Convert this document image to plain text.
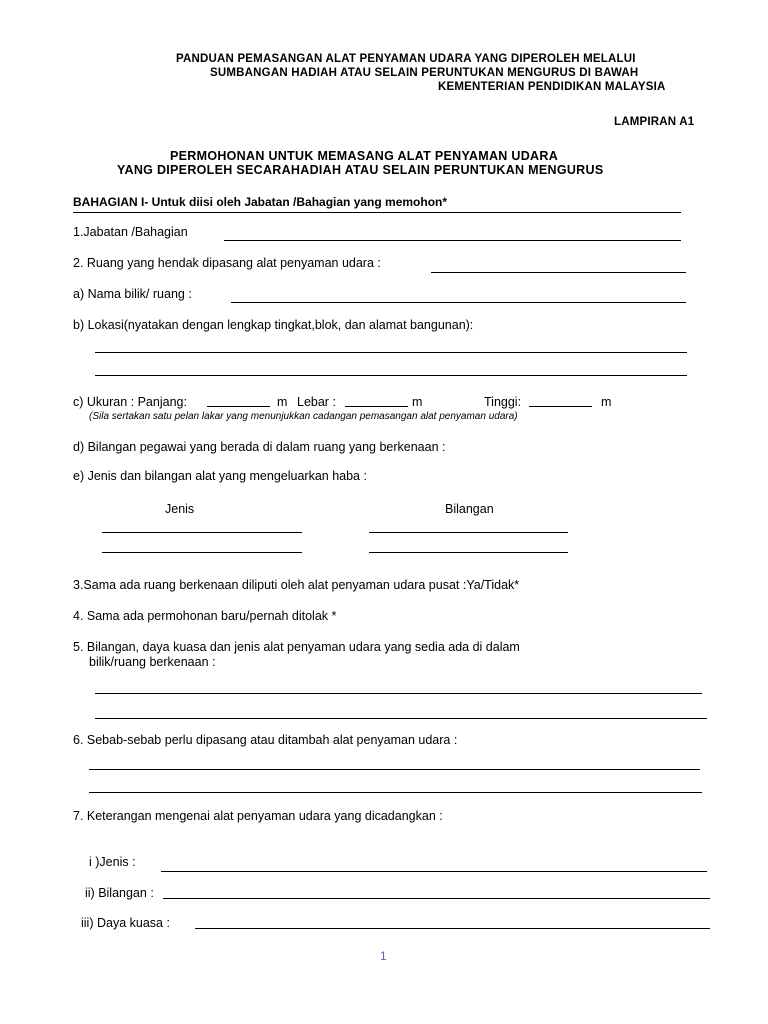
PANDUAN PEMASANGAN ALAT PENYAMAN UDARA YANG DIPEROLEH MELALUI
SUMBANGAN HADIAH ATAU SELAIN PERUNTUKAN MENGURUS DI BAWAH
KEMENTERIAN PENDIDIKAN MALAYSIA
LAMPIRAN A1
PERMOHONAN UNTUK MEMASANG ALAT PENYAMAN UDARA
YANG DIPEROLEH SECARAHADIAH ATAU SELAIN PERUNTUKAN MENGURUS
BAHAGIAN I- Untuk diisi oleh Jabatan /Bahagian yang memohon*
1.Jabatan /Bahagian
2. Ruang yang hendak dipasang alat penyaman udara :
a) Nama bilik/ ruang :
b) Lokasi(nyatakan dengan lengkap tingkat,blok, dan alamat bangunan):
c) Ukuran : Panjang:	m Lebar :	m	Tinggi:	m
(Sila sertakan satu pelan lakar yang menunjukkan cadangan pemasangan alat penyaman udara)
d) Bilangan pegawai yang berada di dalam ruang yang berkenaan :
e) Jenis dan bilangan alat yang mengeluarkan haba :
Jenis	Bilangan
3.Sama ada ruang berkenaan diliputi oleh alat penyaman udara pusat :Ya/Tidak*
4. Sama ada permohonan baru/pernah ditolak *
5. Bilangan, daya kuasa dan jenis alat penyaman udara yang sedia ada di dalam
bilik/ruang berkenaan :
6. Sebab-sebab perlu dipasang atau ditambah alat penyaman udara :
7. Keterangan mengenai alat penyaman udara yang dicadangkan :
i )Jenis :
ii) Bilangan :
iii) Daya kuasa :
1
